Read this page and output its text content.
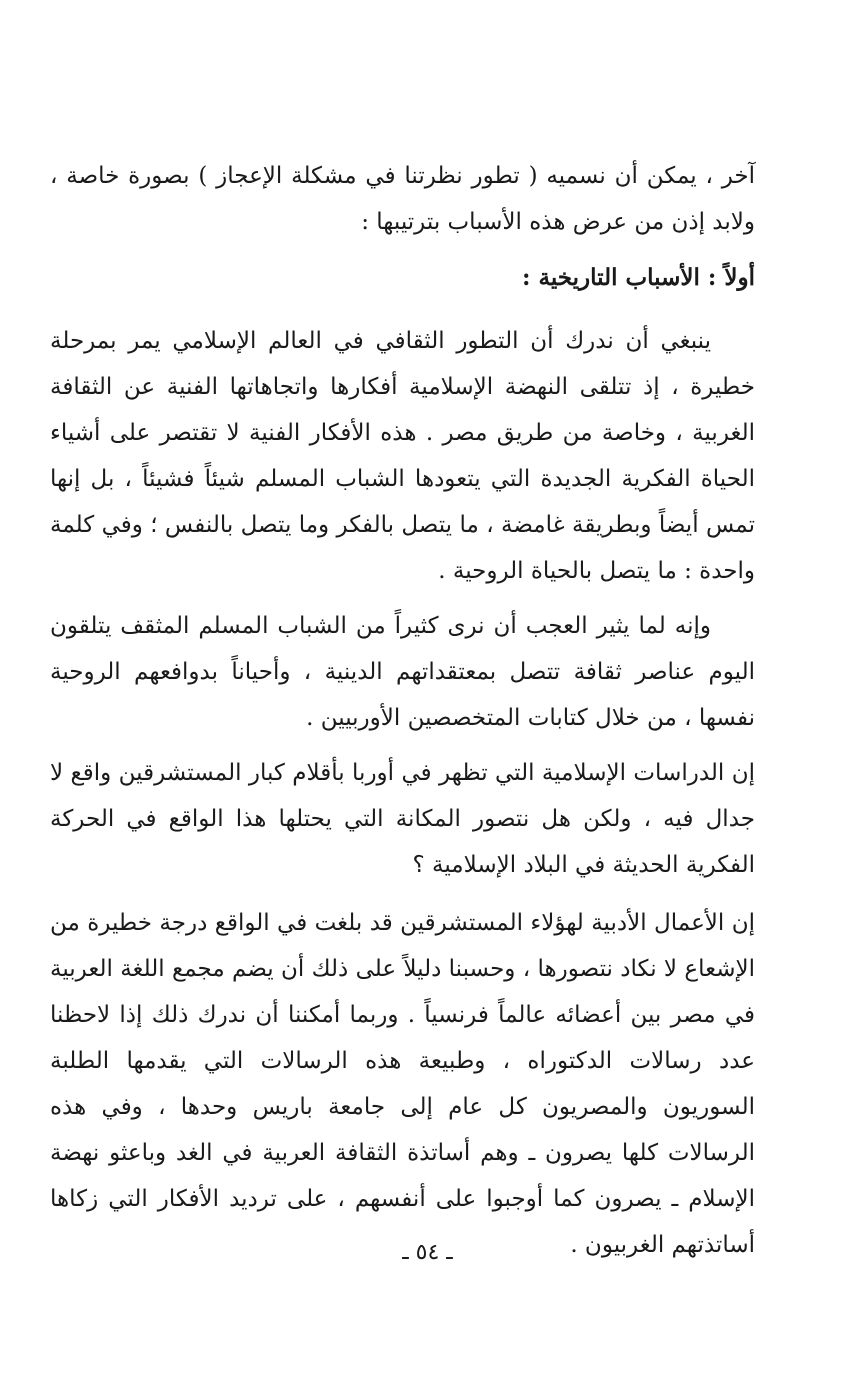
آخر ، يمكن أن نسميه ( تطور نظرتنا في مشكلة الإعجاز ) بصورة خاصة ، ولابد إذن من عرض هذه الأسباب بترتيبها :

أولاً : الأسباب التاريخية :

ينبغي أن ندرك أن التطور الثقافي في العالم الإسلامي يمر بمرحلة خطيرة ، إذ تتلقى النهضة الإسلامية أفكارها واتجاهاتها الفنية عن الثقافة الغربية ، وخاصة من طريق مصر . هذه الأفكار الفنية لا تقتصر على أشياء الحياة الفكرية الجديدة التي يتعودها الشباب المسلم شيئاً فشيئاً ، بل إنها تمس أيضاً وبطريقة غامضة ، ما يتصل بالفكر وما يتصل بالنفس ؛ وفي كلمة واحدة : ما يتصل بالحياة الروحية .

وإنه لما يثير العجب أن نرى كثيراً من الشباب المسلم المثقف يتلقون اليوم عناصر ثقافة تتصل بمعتقداتهم الدينية ، وأحياناً بدوافعهم الروحية نفسها ، من خلال كتابات المتخصصين الأوربيين .

إن الدراسات الإسلامية التي تظهر في أوربا بأقلام كبار المستشرقين واقع لا جدال فيه ، ولكن هل نتصور المكانة التي يحتلها هذا الواقع في الحركة الفكرية الحديثة في البلاد الإسلامية ؟

إن الأعمال الأدبية لهؤلاء المستشرقين قد بلغت في الواقع درجة خطيرة من الإشعاع لا نكاد نتصورها ، وحسبنا دليلاً على ذلك أن يضم مجمع اللغة العربية في مصر بين أعضائه عالماً فرنسياً . وربما أمكننا أن ندرك ذلك إذا لاحظنا عدد رسالات الدكتوراه ، وطبيعة هذه الرسالات التي يقدمها الطلبة السوريون والمصريون كل عام إلى جامعة باريس وحدها ، وفي هذه الرسالات كلها يصرون ـ وهم أساتذة الثقافة العربية في الغد وباعثو نهضة الإسلام ـ يصرون كما أوجبوا على أنفسهم ، على ترديد الأفكار التي زكاها أساتذتهم الغربيون .

ـ ٥٤ ـ
